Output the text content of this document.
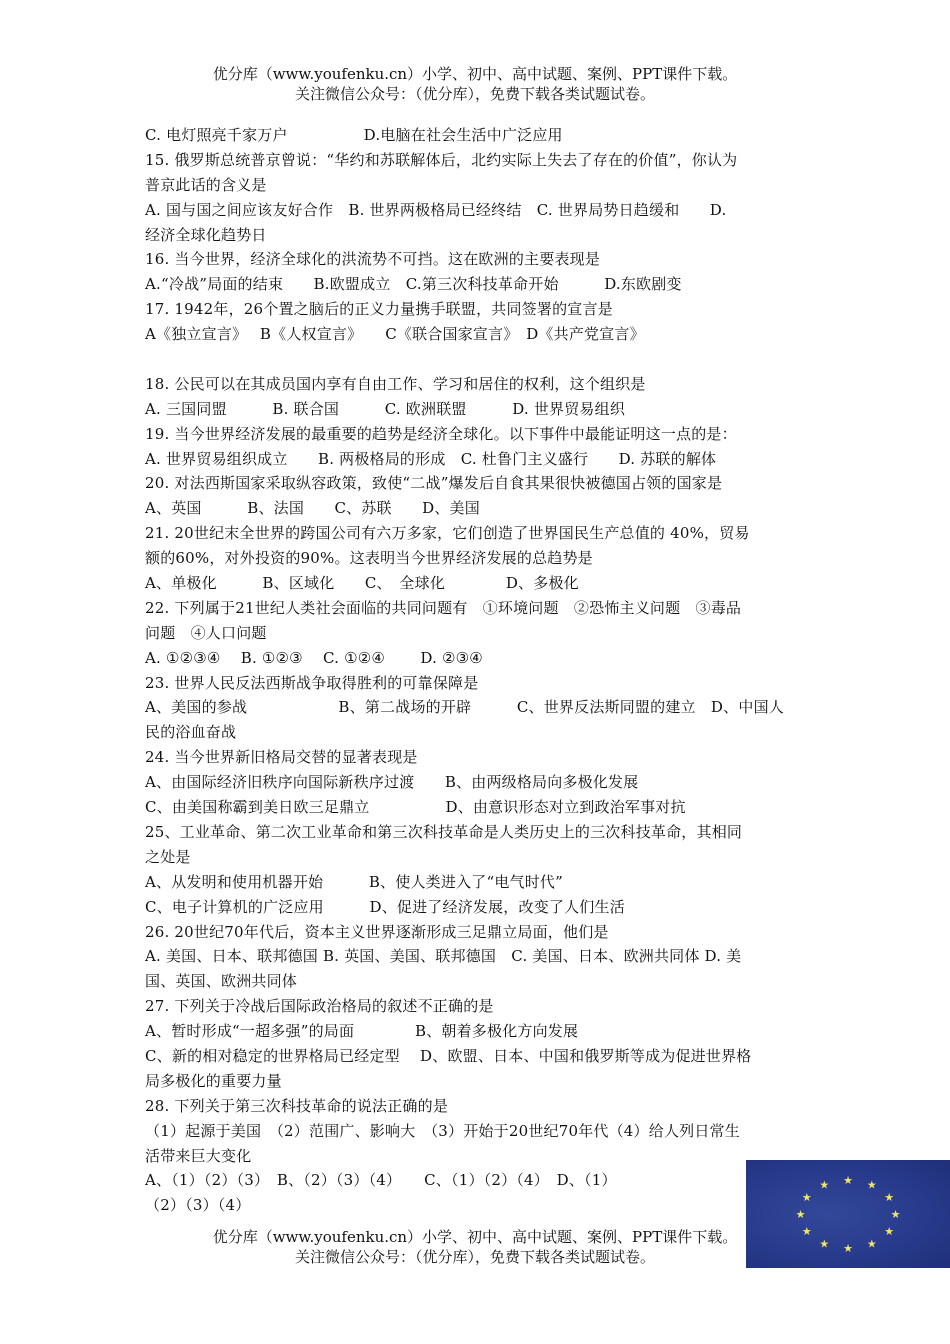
优分库（www.youfenku.cn）小学、初中、高中试题、案例、PPT课件下载。
关注微信公众号：（优分库），免费下载各类试题试卷。
C. 电灯照亮千家万户　　　　　D.电脑在社会生活中广泛应用
15. 俄罗斯总统普京曾说：“华约和苏联解体后，北约实际上失去了存在的价值”，你认为
普京此话的含义是
A. 国与国之间应该友好合作　B. 世界两极格局已经终结　C. 世界局势日趋缓和　　D.
经济全球化趋势日
16. 当今世界，经济全球化的洪流势不可挡。这在欧洲的主要表现是
A.“冷战”局面的结束　　B.欧盟成立　C.第三次科技革命开始　　　D.东欧剧变
17. 1942年，26个置之脑后的正义力量携手联盟，共同签署的宣言是
A《独立宣言》　 B《人权宣言》　　C《联合国家宣言》　D《共产党宣言》
18. 公民可以在其成员国内享有自由工作、学习和居住的权利，这个组织是
A. 三国同盟　　　B. 联合国　　　C. 欧洲联盟　　　D. 世界贸易组织
19. 当今世界经济发展的最重要的趋势是经济全球化。以下事件中最能证明这一点的是：
A. 世界贸易组织成立　　B. 两极格局的形成　C. 杜鲁门主义盛行　　D. 苏联的解体
20. 对法西斯国家采取纵容政策，致使“二战”爆发后自食其果很快被德国占领的国家是
A、英国　　　B、法国　　C、苏联　　D、美国
21. 20世纪末全世界的跨国公司有六万多家，它们创造了世界国民生产总值的 40%，贸易
额的60%，对外投资的90%。这表明当今世界经济发展的总趋势是
A、单极化　　　B、区域化　　C、　全球化　　　　D、多极化
22. 下列属于21世纪人类社会面临的共同问题有　①环境问题　②恐怖主义问题　③毒品
问题　④人口问题
A. ①②③④　 B. ①②③　 C. ①②④　　 D. ②③④
23. 世界人民反法西斯战争取得胜利的可靠保障是
A、美国的参战　　　　　　B、第二战场的开辟　　　C、世界反法斯同盟的建立　D、中国人
民的浴血奋战
24. 当今世界新旧格局交替的显著表现是
A、由国际经济旧秩序向国际新秩序过渡　　B、由两级格局向多极化发展
C、由美国称霸到美日欧三足鼎立　　　　　D、由意识形态对立到政治军事对抗
25、工业革命、第二次工业革命和第三次科技革命是人类历史上的三次科技革命，其相同
之处是
A、从发明和使用机器开始　　　B、使人类进入了“电气时代”
C、电子计算机的广泛应用　　　D、促进了经济发展，改变了人们生活
26. 20世纪70年代后，资本主义世界逐渐形成三足鼎立局面，他们是
A. 美国、日本、联邦德国 B. 英国、美国、联邦德国　C. 美国、日本、欧洲共同体 D. 美
国、英国、欧洲共同体
27. 下列关于冷战后国际政治格局的叙述不正确的是
A、暂时形成“一超多强”的局面　　　　B、朝着多极化方向发展
C、新的相对稳定的世界格局已经定型　 D、欧盟、日本、中国和俄罗斯等成为促进世界格
局多极化的重要力量
28. 下列关于第三次科技革命的说法正确的是
（1）起源于美国　（2）范围广、影响大　（3）开始于20世纪70年代（4）给人列日常生
活带来巨大变化
A、（1）（2）（3）　B、（2）（3）（4）　　C、（1）（2）（4）　D、（1）
（2）（3）（4）
★ ★
★
★
★
★
★
★
★
★
★
★
优分库（www.youfenku.cn）小学、初中、高中试题、案例、PPT课件下载。
关注微信公众号：（优分库），免费下载各类试题试卷。
